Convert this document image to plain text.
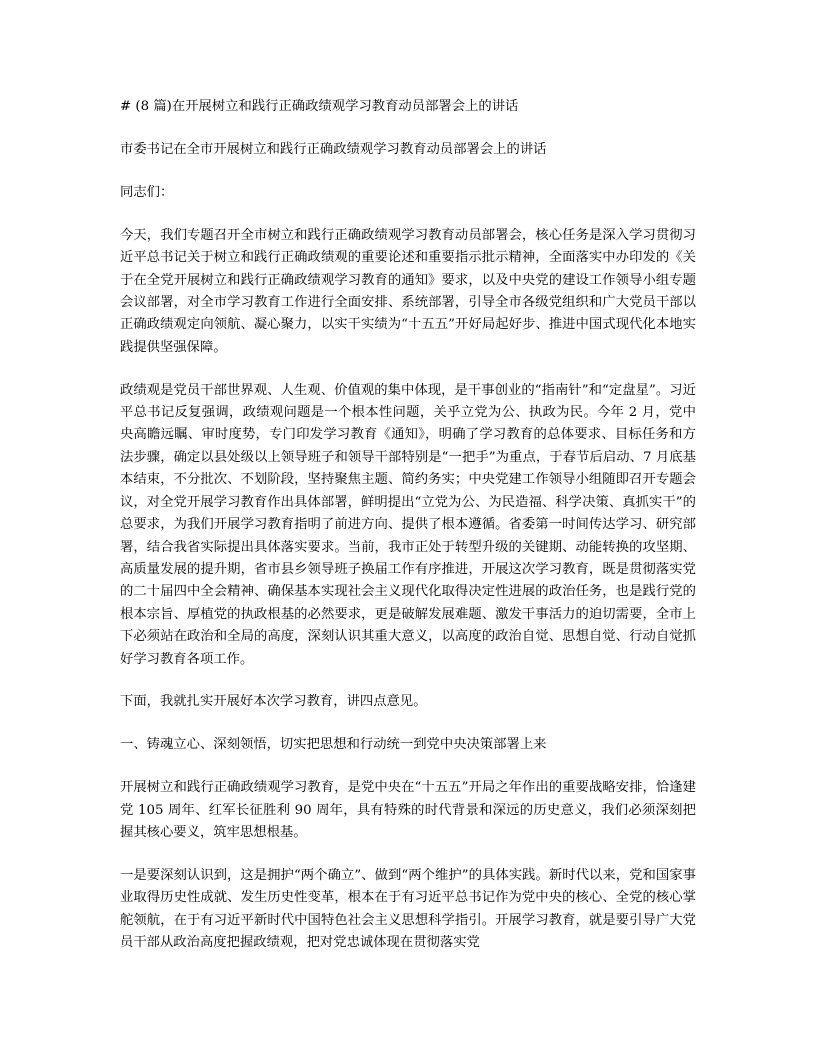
# (8 篇)在开展树立和践行正确政绩观学习教育动员部署会上的讲话

市委书记在全市开展树立和践行正确政绩观学习教育动员部署会上的讲话

同志们：

今天，我们专题召开全市树立和践行正确政绩观学习教育动员部署会，核心任务是深入学习贯彻习近平总书记关于树立和践行正确政绩观的重要论述和重要指示批示精神，全面落实中办印发的《关于在全党开展树立和践行正确政绩观学习教育的通知》要求，以及中央党的建设工作领导小组专题会议部署，对全市学习教育工作进行全面安排、系统部署，引导全市各级党组织和广大党员干部以正确政绩观定向领航、凝心聚力，以实干实绩为“十五五”开好局起好步、推进中国式现代化本地实践提供坚强保障。

政绩观是党员干部世界观、人生观、价值观的集中体现，是干事创业的“指南针”和“定盘星”。习近平总书记反复强调，政绩观问题是一个根本性问题，关乎立党为公、执政为民。今年 2 月，党中央高瞻远瞩、审时度势，专门印发学习教育《通知》，明确了学习教育的总体要求、目标任务和方法步骤，确定以县处级以上领导班子和领导干部特别是“一把手”为重点，于春节后启动、7 月底基本结束，不分批次、不划阶段，坚持聚焦主题、简约务实；中央党建工作领导小组随即召开专题会议，对全党开展学习教育作出具体部署，鲜明提出“立党为公、为民造福、科学决策、真抓实干”的总要求，为我们开展学习教育指明了前进方向、提供了根本遵循。省委第一时间传达学习、研究部署，结合我省实际提出具体落实要求。当前，我市正处于转型升级的关键期、动能转换的攻坚期、高质量发展的提升期，省市县乡领导班子换届工作有序推进，开展这次学习教育，既是贯彻落实党的二十届四中全会精神、确保基本实现社会主义现代化取得决定性进展的政治任务，也是践行党的根本宗旨、厚植党的执政根基的必然要求，更是破解发展难题、激发干事活力的迫切需要，全市上下必须站在政治和全局的高度，深刻认识其重大意义，以高度的政治自觉、思想自觉、行动自觉抓好学习教育各项工作。

下面，我就扎实开展好本次学习教育，讲四点意见。

一、铸魂立心、深刻领悟，切实把思想和行动统一到党中央决策部署上来

开展树立和践行正确政绩观学习教育，是党中央在“十五五”开局之年作出的重要战略安排，恰逢建党 105 周年、红军长征胜利 90 周年，具有特殊的时代背景和深远的历史意义，我们必须深刻把握其核心要义，筑牢思想根基。

一是要深刻认识到，这是拥护“两个确立”、做到“两个维护”的具体实践。新时代以来，党和国家事业取得历史性成就、发生历史性变革，根本在于有习近平总书记作为党中央的核心、全党的核心掌舵领航，在于有习近平新时代中国特色社会主义思想科学指引。开展学习教育，就是要引导广大党员干部从政治高度把握政绩观，把对党忠诚体现在贯彻落实党
